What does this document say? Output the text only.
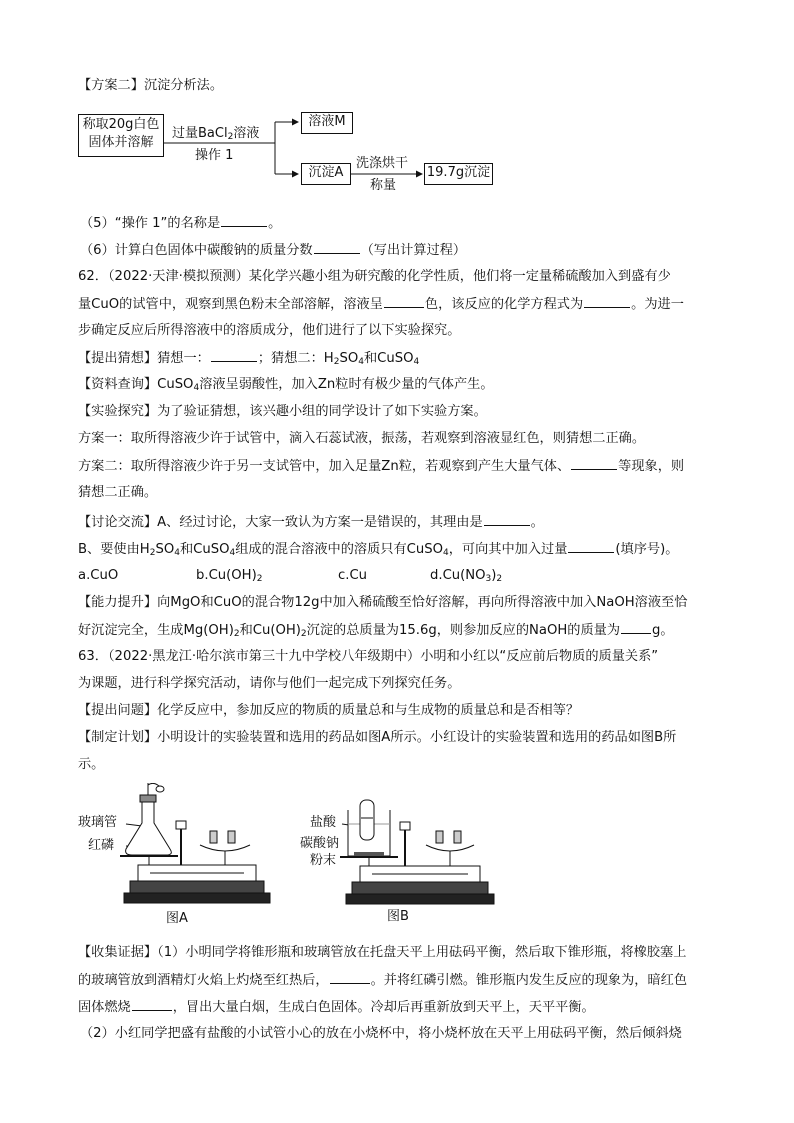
【方案二】沉淀分析法。
称取20g白色
固体并溶解
过量BaCl$_2$溶液
操作 1
溶液M
沉淀A
洗涤烘干
称量
19.7g沉淀
（5）“操作 1”的名称是	。
（6）计算白色固体中碳酸钠的质量分数	（写出计算过程）
62．（2022·天津·模拟预测）某化学兴趣小组为研究酸的化学性质，他们将一定量稀硫酸加入到盛有少
量CuO的试管中，观察到黑色粉末全部溶解，溶液呈	色，该反应的化学方程式为	。为进一
步确定反应后所得溶液中的溶质成分，他们进行了以下实验探究。
【提出猜想】猜想一：	；猜想二：$H_2SO_4$和CuSO$_4$
【资料查询】CuSO$_4$溶液呈弱酸性，加入Zn粒时有极少量的气体产生。
【实验探究】为了验证猜想，该兴趣小组的同学设计了如下实验方案。
方案一：取所得溶液少许于试管中，滴入石蕊试液，振荡，若观察到溶液显红色，则猜想二正确。
方案二：取所得溶液少许于另一支试管中，加入足量Zn粒，若观察到产生大量气体、	等现象，则
猜想二正确。
【讨论交流】A、经过讨论，大家一致认为方案一是错误的，其理由是	。
B、要使由$H_2SO_4$和CuSO$_4$组成的混合溶液中的溶质只有CuSO$_4$，可向其中加入过量	(填序号)。
a.CuO	$b.Cu(OH)_2$	c.Cu	$d.Cu(NO_3)_2$
【能力提升】向MgO和CuO的混合物12g中加入稀硫酸至恰好溶解，再向所得溶液中加入NaOH溶液至恰
好沉淀完全，生成$Mg(OH)_2$和$Cu(OH)_2$沉淀的总质量为15.6g，则参加反应的NaOH的质量为 g。
63．（2022·黑龙江·哈尔滨市第三十九中学校八年级期中）小明和小红以“反应前后物质的质量关系”
为课题，进行科学探究活动，请你与他们一起完成下列探究任务。
【提出问题】化学反应中，参加反应的物质的质量总和与生成物的质量总和是否相等？
【制定计划】小明设计的实验装置和选用的药品如图A所示。小红设计的实验装置和选用的药品如图B所
示。
玻璃管
红磷
图A
盐酸
碳酸钠
粉末
图B
【收集证据】（1）小明同学将锥形瓶和玻璃管放在托盘天平上用砝码平衡，然后取下锥形瓶，将橡胶塞上
的玻璃管放到酒精灯火焰上灼烧至红热后，	。并将红磷引燃。锥形瓶内发生反应的现象为，暗红色
固体燃烧	，冒出大量白烟，生成白色固体。冷却后再重新放到天平上，天平平衡。
（2）小红同学把盛有盐酸的小试管小心的放在小烧杯中，将小烧杯放在天平上用砝码平衡，然后倾斜烧
